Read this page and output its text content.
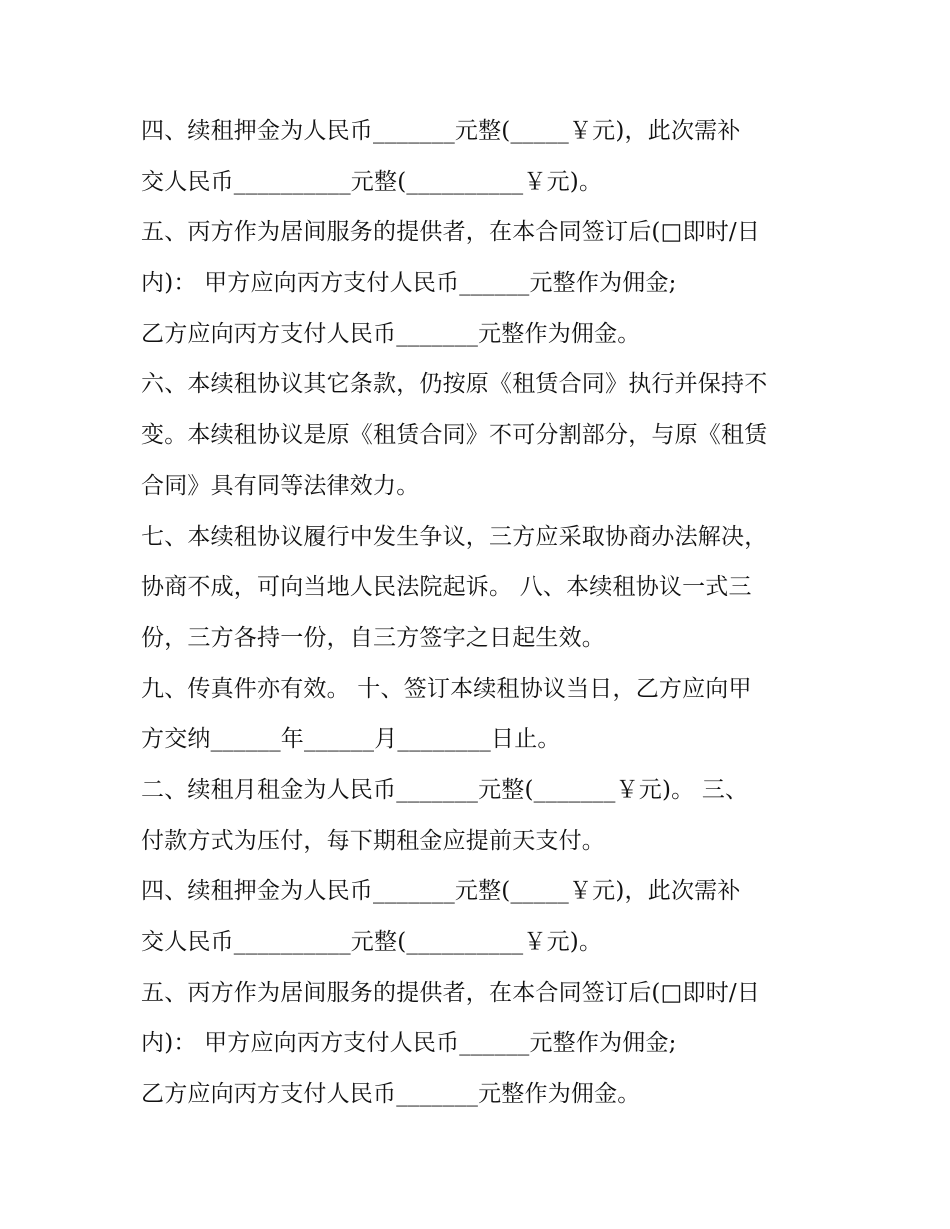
四、续租押金为人民币_______元整(_____￥元)，此次需补
交人民币__________元整(__________￥元)。
五、丙方作为居间服务的提供者，在本合同签订后(□即时/日
内)： 甲方应向丙方支付人民币______元整作为佣金;
乙方应向丙方支付人民币_______元整作为佣金。
六、本续租协议其它条款，仍按原《租赁合同》执行并保持不
变。本续租协议是原《租赁合同》不可分割部分，与原《租赁
合同》具有同等法律效力。
七、本续租协议履行中发生争议，三方应采取协商办法解决，
协商不成，可向当地人民法院起诉。 八、本续租协议一式三
份，三方各持一份，自三方签字之日起生效。
九、传真件亦有效。 十、签订本续租协议当日，乙方应向甲
方交纳______年______月________日止。
二、续租月租金为人民币_______元整(_______￥元)。 三、
付款方式为压付，每下期租金应提前天支付。
四、续租押金为人民币_______元整(_____￥元)，此次需补
交人民币__________元整(__________￥元)。
五、丙方作为居间服务的提供者，在本合同签订后(□即时/日
内)： 甲方应向丙方支付人民币______元整作为佣金;
乙方应向丙方支付人民币_______元整作为佣金。
